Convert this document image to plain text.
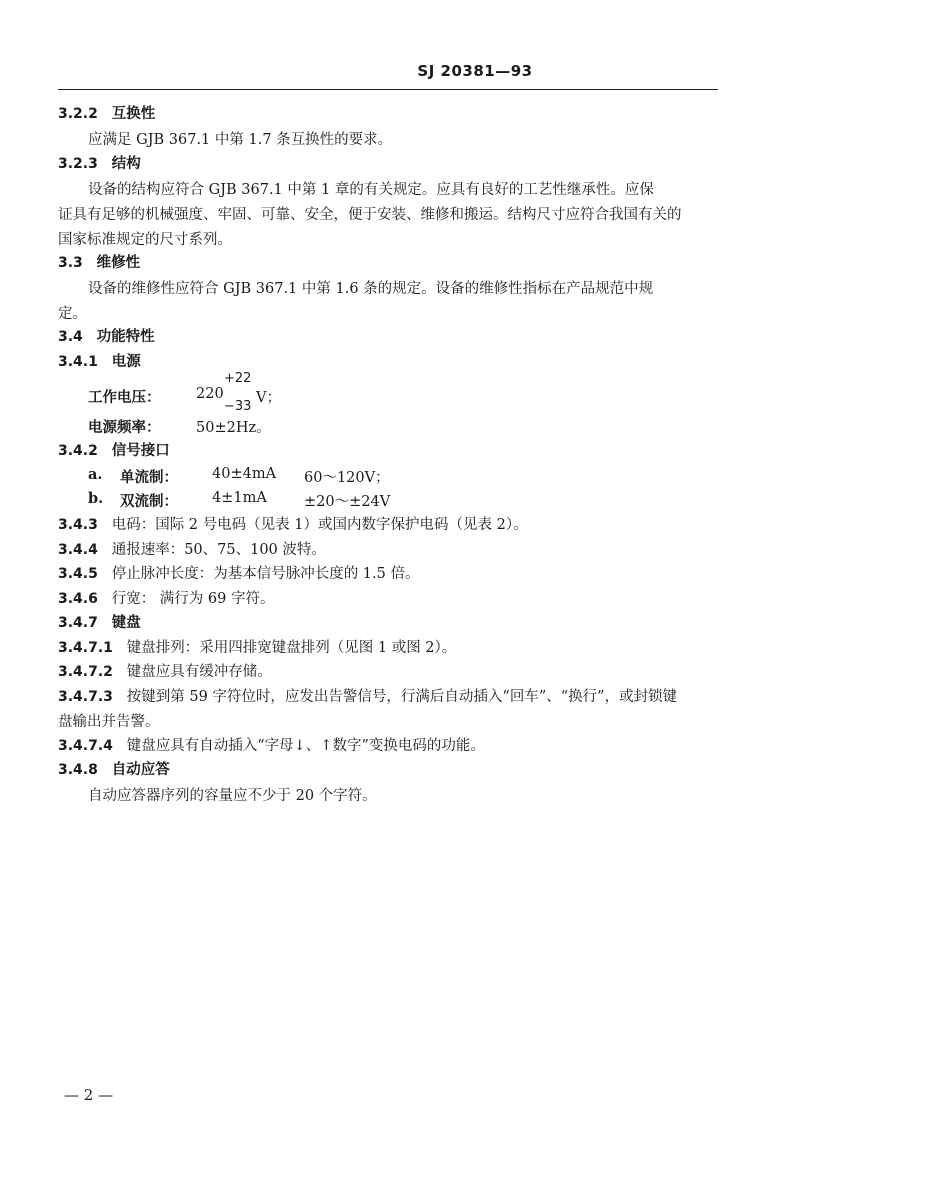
SJ 20381—93
3.2.2 互换性
应满足 GJB 367.1 中第 1.7 条互换性的要求。
3.2.3 结构
设备的结构应符合 GJB 367.1 中第 1 章的有关规定。应具有良好的工艺性继承性。应保
证具有足够的机械强度、牢固、可靠、安全，便于安装、维修和搬运。结构尺寸应符合我国有关的
国家标准规定的尺寸系列。
3.3 维修性
设备的维修性应符合 GJB 367.1 中第 1.6 条的规定。设备的维修性指标在产品规范中规
定。
3.4 功能特性
3.4.1 电源
工作电压： 220
+22
−33
V；
电源频率： 50±2Hz。
3.4.2 信号接口
a. 单流制： 40±4mA 60～120V；
b. 双流制： 4±1mA	±20～±24V
3.4.3 电码：国际 2 号电码（见表 1）或国内数字保护电码（见表 2）。
3.4.4 通报速率：50、75、100 波特。
3.4.5 停止脉冲长度：为基本信号脉冲长度的 1.5 倍。
3.4.6 行宽： 满行为 69 字符。
3.4.7 键盘
3.4.7.1 键盘排列：采用四排宽键盘排列（见图 1 或图 2）。
3.4.7.2 键盘应具有缓冲存储。
3.4.7.3 按键到第 59 字符位时，应发出告警信号，行满后自动插入“回车”、“换行”，或封锁键
盘输出并告警。
3.4.7.4 键盘应具有自动插入“字母↓、↑数字”变换电码的功能。
3.4.8 自动应答
自动应答器序列的容量应不少于 20 个字符。
— 2 —
